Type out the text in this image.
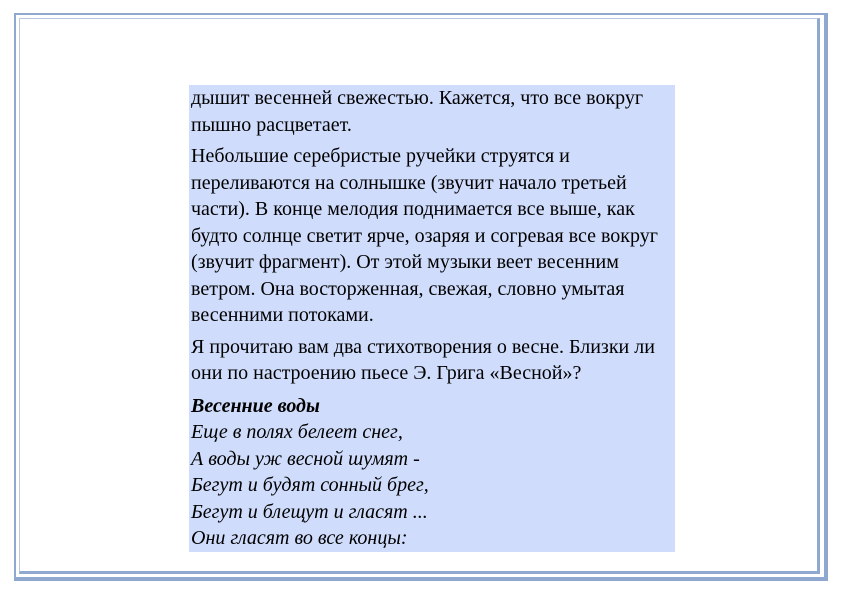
дышит весенней свежестью. Кажется, что все вокруг пышно расцветает.

Небольшие серебристые ручейки струятся и переливаются на солнышке (звучит начало третьей части). В конце мелодия поднимается все выше, как будто солнце светит ярче, озаряя и согревая все вокруг (звучит фрагмент). От этой музыки веет весенним ветром. Она восторженная, свежая, словно умытая весенними потоками.

Я прочитаю вам два стихотворения о весне. Близки ли они по настроению пьесе Э. Грига «Весной»?

Весенние воды

Еще в полях белеет снег,

А воды уж весной шумят -

Бегут и будят сонный брег,

Бегут и блещут и гласят ...

Они гласят во все концы:
